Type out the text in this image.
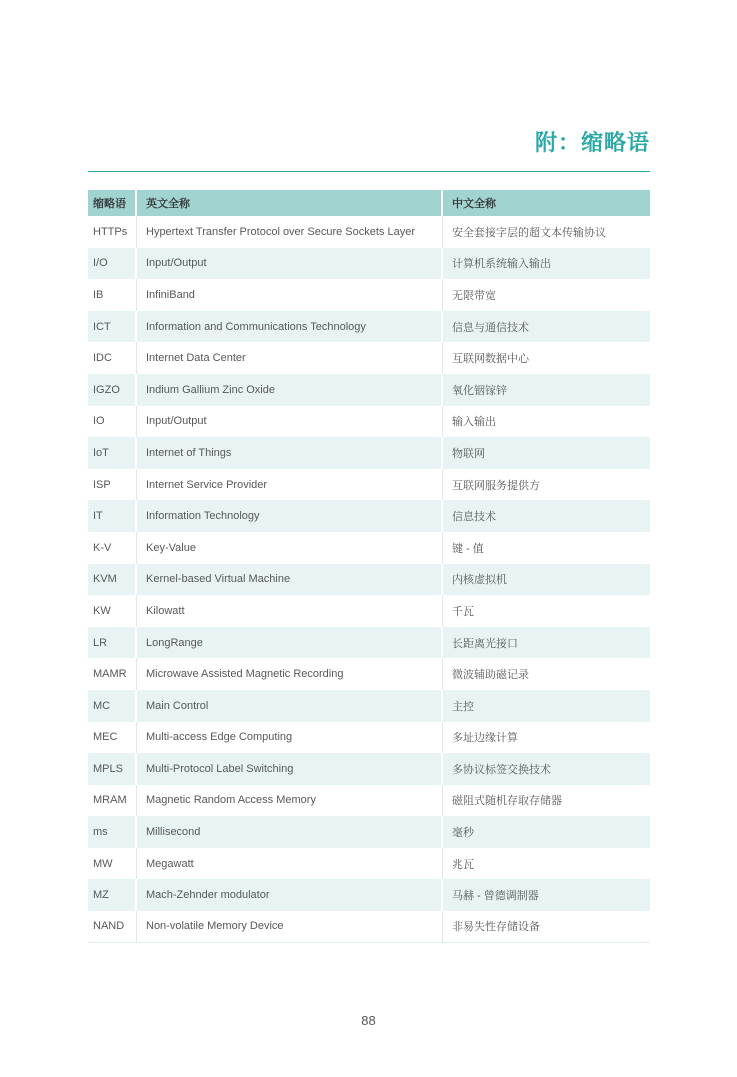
附：缩略语
缩略语	英文全称	中文全称
HTTPs	Hypertext Transfer Protocol over Secure Sockets Layer	安全套接字层的超文本传输协议
I/O	Input/Output	计算机系统输入输出
IB	InfiniBand	无限带宽
ICT	Information and Communications Technology	信息与通信技术
IDC	Internet Data Center	互联网数据中心
IGZO	Indium Gallium Zinc Oxide	氧化铟镓锌
IO	Input/Output	输入输出
IoT	Internet of Things	物联网
ISP	Internet Service Provider	互联网服务提供方
IT	Information Technology	信息技术
K-V	Key-Value	键 - 值
KVM	Kernel-based Virtual Machine	内核虚拟机
KW	Kilowatt	千瓦
LR	LongRange	长距离光接口
MAMR	Microwave Assisted Magnetic Recording	微波辅助磁记录
MC	Main Control	主控
MEC	Multi-access Edge Computing	多址边缘计算
MPLS	Multi-Protocol Label Switching	多协议标签交换技术
MRAM	Magnetic Random Access Memory	磁阻式随机存取存储器
ms	Millisecond	毫秒
MW	Megawatt	兆瓦
MZ	Mach-Zehnder modulator	马赫 - 曾德调制器
NAND	Non-volatile Memory Device	非易失性存储设备
88
